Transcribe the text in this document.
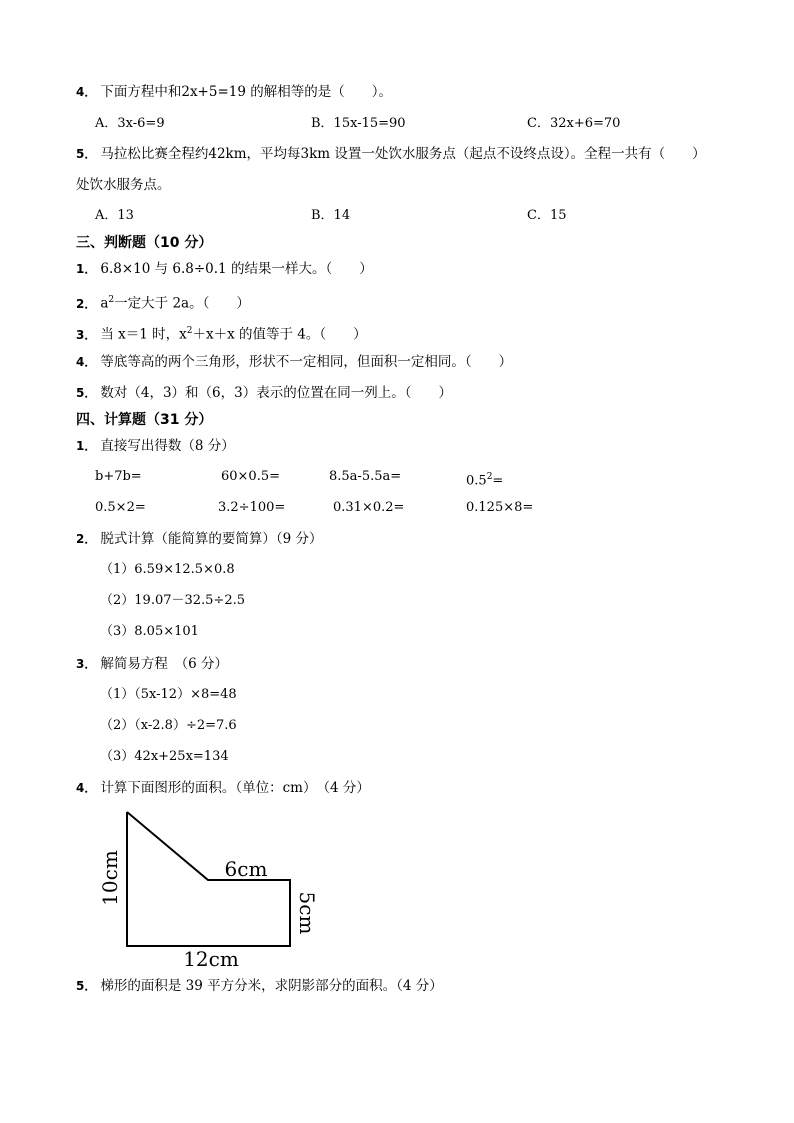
4． 下面方程中和2x+5=19 的解相等的是（　　）。
A．3x-6=9	B．15x-15=90	C．32x+6=70
5． 马拉松比赛全程约42km，平均每3km 设置一处饮水服务点（起点不设终点设）。全程一共有（　　）
处饮水服务点。
A．13	B．14	C．15
三、判断题（10 分）
1． 6.8×10 与 6.8÷0.1 的结果一样大。（　　）
2． $a^2$一定大于 2a。（　　）
3． 当 x＝1 时，$x^2+x+x$ 的值等于 4。（　　）
4． 等底等高的两个三角形，形状不一定相同，但面积一定相同。（　　）
5． 数对（4，3）和（6，3）表示的位置在同一列上。（　　）
四、计算题（31 分）
1． 直接写出得数（8 分）
b+7b=	60×0.5=	8.5a-5.5a=	$0.5^2=$
0.5×2=	3.2÷100=	0.31×0.2=	0.125×8=
2． 脱式计算（能简算的要简算）（9 分）
（1）6.59×12.5×0.8
（2）19.07－32.5÷2.5
（3）8.05×101
3． 解简易方程　（6 分）
（1）（5x-12）×8=48
（2）（x-2.8）÷2=7.6
（3）42x+25x=134
4． 计算下面图形的面积。（单位：cm）　（4 分）
10cm	6cm
5cm
12cm
5． 梯形的面积是 39 平方分米，求阴影部分的面积。（4 分）
